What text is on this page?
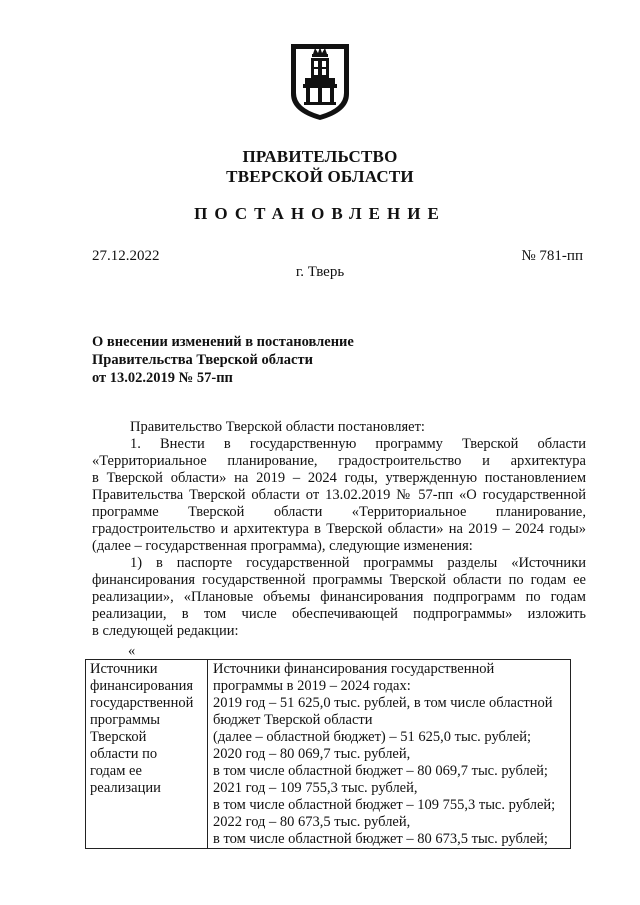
ПРАВИТЕЛЬСТВО
ТВЕРСКОЙ ОБЛАСТИ
ПОСТАНОВЛЕНИЕ
27.12.2022	№ 781-пп
г. Тверь
О внесении изменений в постановление
Правительства Тверской области
от 13.02.2019 № 57-пп
Правительство Тверской области постановляет:
1. Внести в государственную программу Тверской области
«Территориальное планирование, градостроительство и архитектура
в Тверской области» на 2019 – 2024 годы, утвержденную постановлением
Правительства Тверской области от 13.02.2019 № 57-пп «О государственной
программе Тверской области «Территориальное планирование,
градостроительство и архитектура в Тверской области» на 2019 – 2024 годы»
(далее – государственная программа), следующие изменения:
1) в паспорте государственной программы разделы «Источники
финансирования государственной программы Тверской области по годам ее
реализации», «Плановые объемы финансирования подпрограмм по годам
реализации, в том числе обеспечивающей подпрограммы» изложить
в следующей редакции:
«
Источники
финансирования
государственной
программы
Тверской
области по
годам ее
реализации

Источники финансирования государственной
программы в 2019 – 2024 годах:
2019 год – 51 625,0 тыс. рублей, в том числе областной
бюджет Тверской области
(далее – областной бюджет) – 51 625,0 тыс. рублей;
2020 год – 80 069,7 тыс. рублей,
в том числе областной бюджет – 80 069,7 тыс. рублей;
2021 год – 109 755,3 тыс. рублей,
в том числе областной бюджет – 109 755,3 тыс. рублей;
2022 год – 80 673,5 тыс. рублей,
в том числе областной бюджет – 80 673,5 тыс. рублей;
